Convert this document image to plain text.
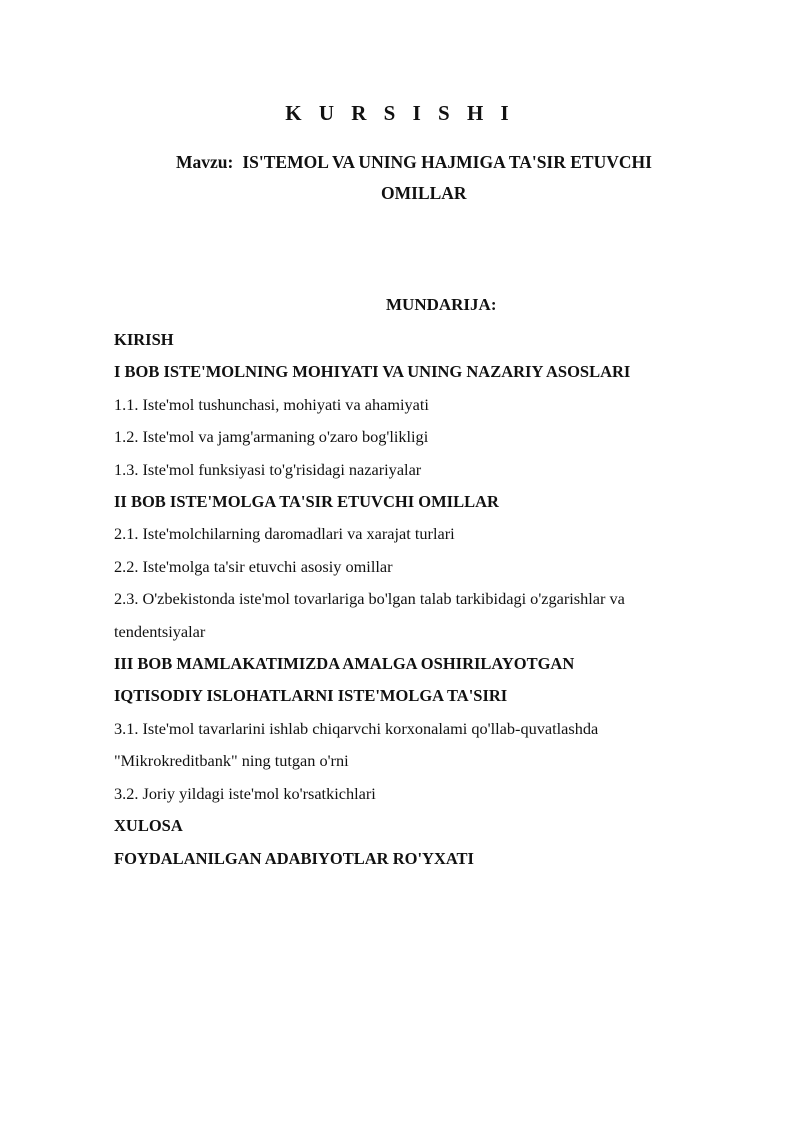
K U R S I S H I

Mavzu: IS'TEMOL VA UNING HAJMIGA TA'SIR ETUVCHI
OMILLAR

MUNDARIJA:
KIRISH
I BOB ISTE'MOLNING MOHIYATI VA UNING NAZARIY ASOSLARI
1.1. Iste'mol tushunchasi, mohiyati va ahamiyati
1.2. Iste'mol va jamg'armaning o'zaro bog'likligi
1.3. Iste'mol funksiyasi to'g'risidagi nazariyalar
II BOB ISTE'MOLGA TA'SIR ETUVCHI OMILLAR
2.1. Iste'molchilarning daromadlari va xarajat turlari
2.2. Iste'molga ta'sir etuvchi asosiy omillar
2.3. O'zbekistonda iste'mol tovarlariga bo'lgan talab tarkibidagi o'zgarishlar va
tendentsiyalar
III BOB MAMLAKATIMIZDA AMALGA OSHIRILAYOTGAN
IQTISODIY ISLOHATLARNI ISTE'MOLGA TA'SIRI
3.1. Iste'mol tavarlarini ishlab chiqarvchi korxonalami qo'llab-quvatlashda
"Mikrokreditbank" ning tutgan o'rni
3.2. Joriy yildagi iste'mol ko'rsatkichlari
XULOSA
FOYDALANILGAN ADABIYOTLAR RO'YXATI
